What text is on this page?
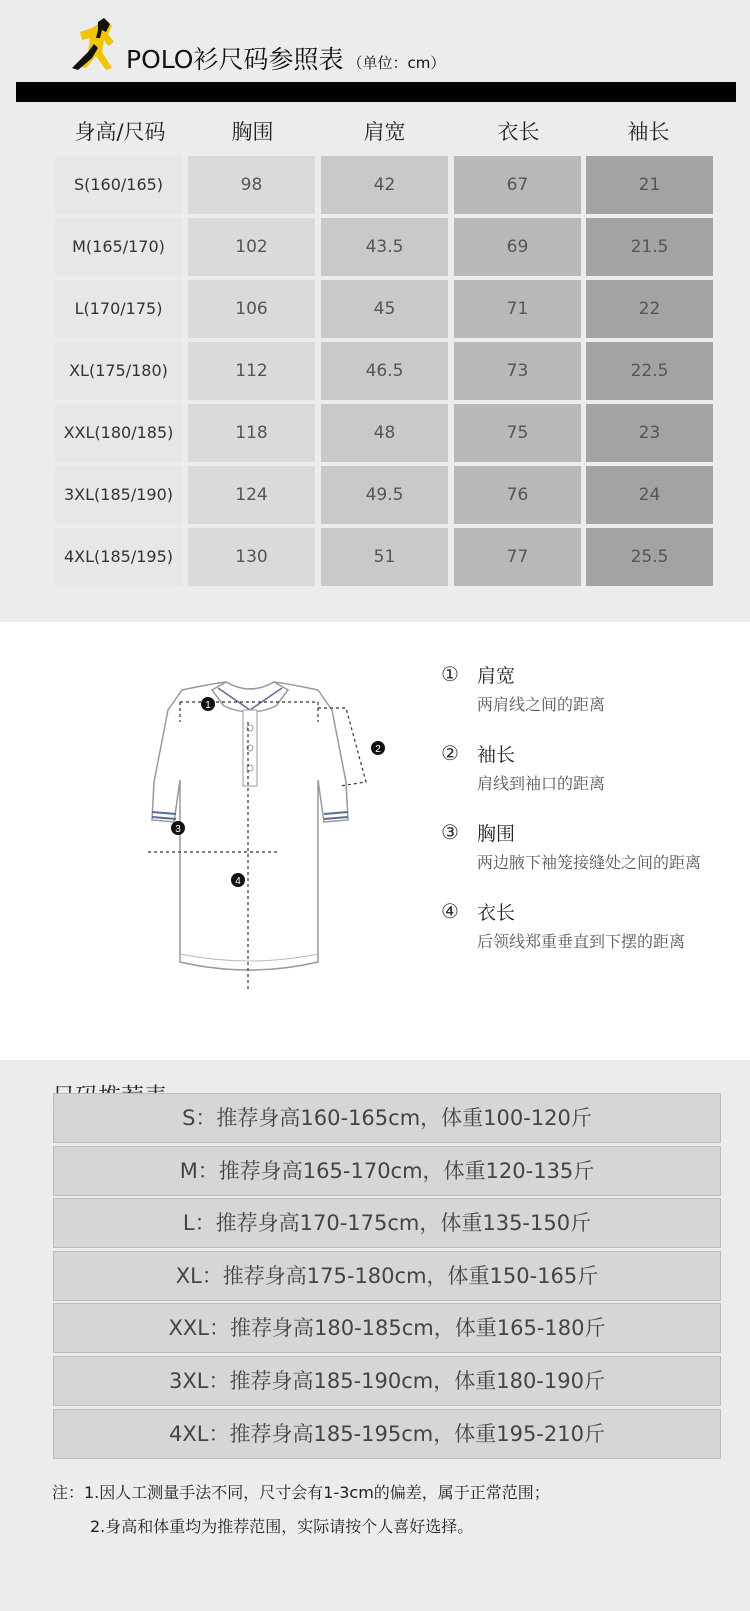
POLO衫尺码参照表 （单位：cm）
身高/尺码	胸围	肩宽	衣长	袖长
S(160/165)	98	42	67	21
M(165/170)	102	43.5	69	21.5
L(170/175)	106	45	71	22
XL(175/180)	112	46.5	73	22.5
XXL(180/185)	118	48	75	23
3XL(185/190)	124	49.5	76	24
4XL(185/195)	130	51	77	25.5
1
2
3
4
① 肩宽
两肩线之间的距离
② 袖长
肩线到袖口的距离
③ 胸围
两边腋下袖笼接缝处之间的距离
④ 衣长
后领线郑重垂直到下摆的距离
S：推荐身高160-165cm，体重100-120斤
M：推荐身高165-170cm，体重120-135斤
L：推荐身高170-175cm，体重135-150斤
XL：推荐身高175-180cm，体重150-165斤
XXL：推荐身高180-185cm，体重165-180斤
3XL：推荐身高185-190cm，体重180-190斤
4XL：推荐身高185-195cm，体重195-210斤
注：1.因人工测量手法不同，尺寸会有1-3cm的偏差，属于正常范围；
2.身高和体重均为推荐范围，实际请按个人喜好选择。
